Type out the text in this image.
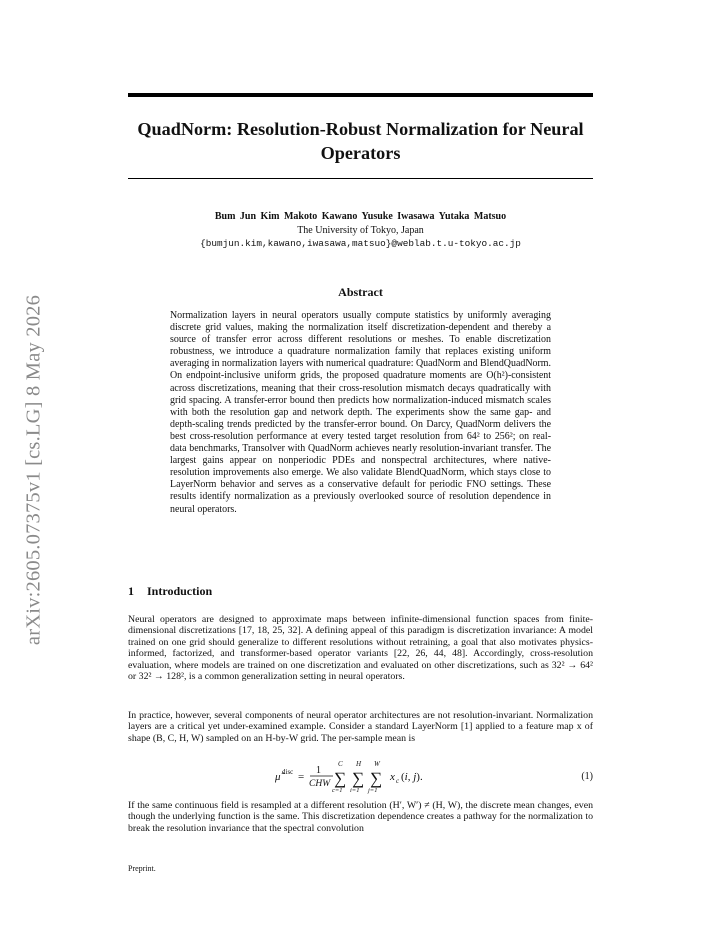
arXiv:2605.07375v1 [cs.LG] 8 May 2026
QuadNorm: Resolution-Robust Normalization for Neural Operators
Bum Jun Kim Makoto Kawano Yusuke Iwasawa Yutaka Matsuo
The University of Tokyo, Japan
{bumjun.kim,kawano,iwasawa,matsuo}@weblab.t.u-tokyo.ac.jp
Abstract
Normalization layers in neural operators usually compute statistics by uniformly averaging discrete grid values, making the normalization itself discretization-dependent and thereby a source of transfer error across different resolutions or meshes. To enable discretization robustness, we introduce a quadrature normalization family that replaces existing uniform averaging in normalization layers with numerical quadrature: QuadNorm and BlendQuadNorm. On endpoint-inclusive uniform grids, the proposed quadrature moments are O(h²)-consistent across discretizations, meaning that their cross-resolution mismatch decays quadratically with grid spacing. A transfer-error bound then predicts how normalization-induced mismatch scales with both the resolution gap and network depth. The experiments show the same gap- and depth-scaling trends predicted by the transfer-error bound. On Darcy, QuadNorm delivers the best cross-resolution performance at every tested target resolution from 64² to 256²; on real-data benchmarks, Transolver with QuadNorm achieves nearly resolution-invariant transfer. The largest gains appear on nonperiodic PDEs and nonspectral architectures, where native-resolution improvements also emerge. We also validate BlendQuadNorm, which stays close to LayerNorm behavior and serves as a conservative default for periodic FNO settings. These results identify normalization as a previously overlooked source of resolution dependence in neural operators.
1 Introduction
Neural operators are designed to approximate maps between infinite-dimensional function spaces from finite-dimensional discretizations [17, 18, 25, 32]. A defining appeal of this paradigm is discretization invariance: A model trained on one grid should generalize to different resolutions without retraining, a goal that also motivates physics-informed, factorized, and transformer-based operator variants [22, 26, 44, 48]. Accordingly, cross-resolution evaluation, where models are trained on one discretization and evaluated on other discretizations, such as 32² → 64² or 32² → 128², is a common generalization setting in neural operators.
In practice, however, several components of neural operator architectures are not resolution-invariant. Normalization layers are a critical yet under-examined example. Consider a standard LayerNorm [1] applied to a feature map x of shape (B, C, H, W) sampled on an H-by-W grid. The per-sample mean is
μ̂ disc =
1
CHW
C
∑
c=1
H
∑
i=1
W
∑
j=1
x c (i, j).	(1)
If the same continuous field is resampled at a different resolution (H′, W′) ≠ (H, W), the discrete mean changes, even though the underlying function is the same. This discretization dependence creates a pathway for the normalization to break the resolution invariance that the spectral convolution
Preprint.
